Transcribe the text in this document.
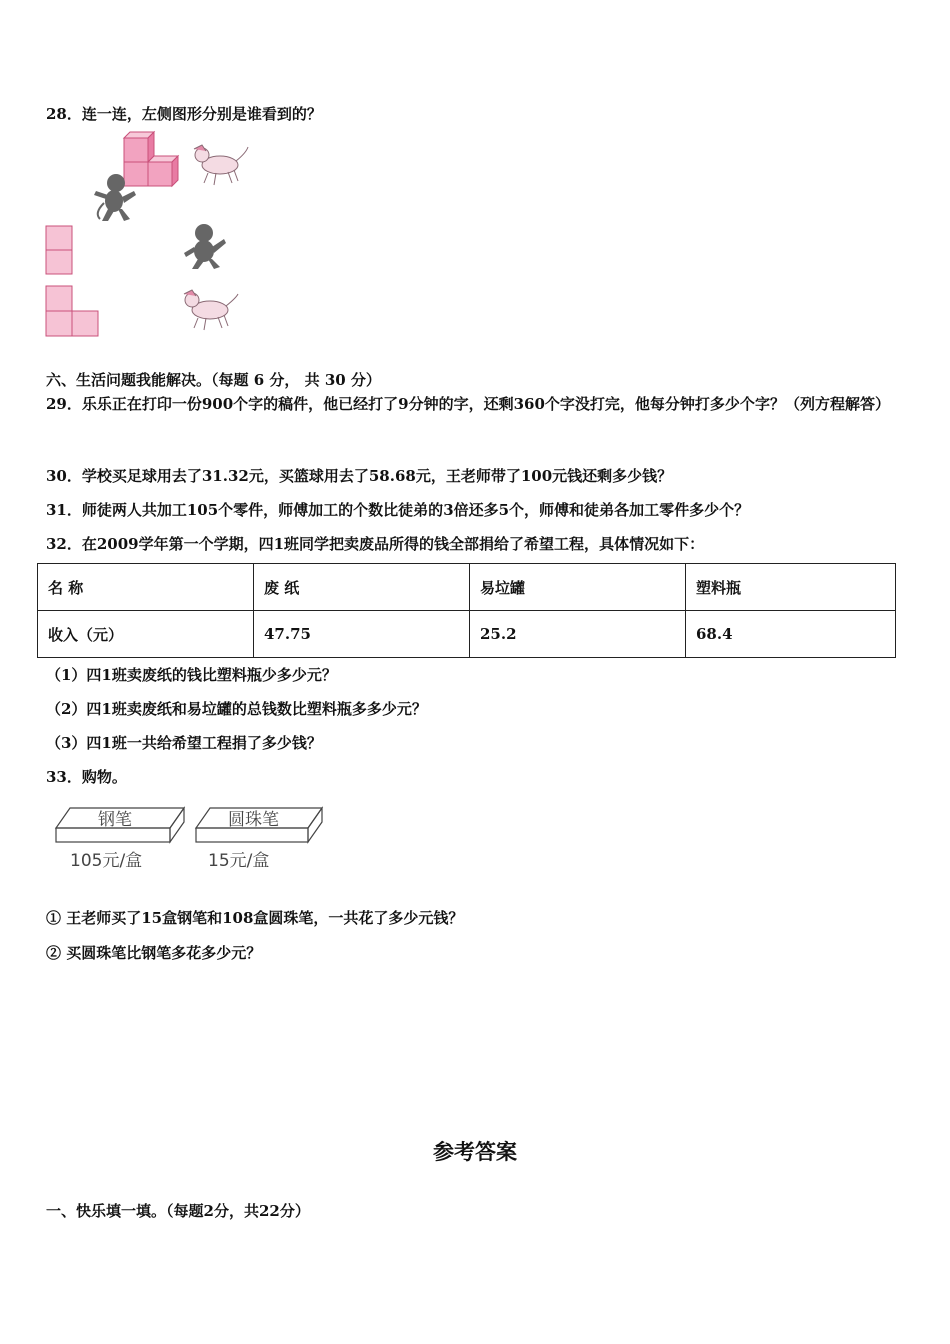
28．连一连，左侧图形分别是谁看到的？
六、生活问题我能解决。（每题 6 分， 共 30 分）
29．乐乐正在打印一份900个字的稿件，他已经打了9分钟的字，还剩360个字没打完，他每分钟打多少个字？（列方程解答）
30．学校买足球用去了31.32元，买篮球用去了58.68元，王老师带了100元钱还剩多少钱？
31．师徒两人共加工105个零件，师傅加工的个数比徒弟的3倍还多5个，师傅和徒弟各加工零件多少个？
32．在2009学年第一个学期，四1班同学把卖废品所得的钱全部捐给了希望工程，具体情况如下：
名 称	废 纸	易垃罐	塑料瓶
收入（元）	47.75	25.2	68.4
（1）四1班卖废纸的钱比塑料瓶少多少元？
（2）四1班卖废纸和易垃罐的总钱数比塑料瓶多多少元？
（3）四1班一共给希望工程捐了多少钱？
33．购物。
钢笔	圆珠笔
105元/盒	15元/盒
① 王老师买了15盒钢笔和108盒圆珠笔，一共花了多少元钱？
② 买圆珠笔比钢笔多花多少元？
参考答案
一、快乐填一填。（每题2分，共22分）
